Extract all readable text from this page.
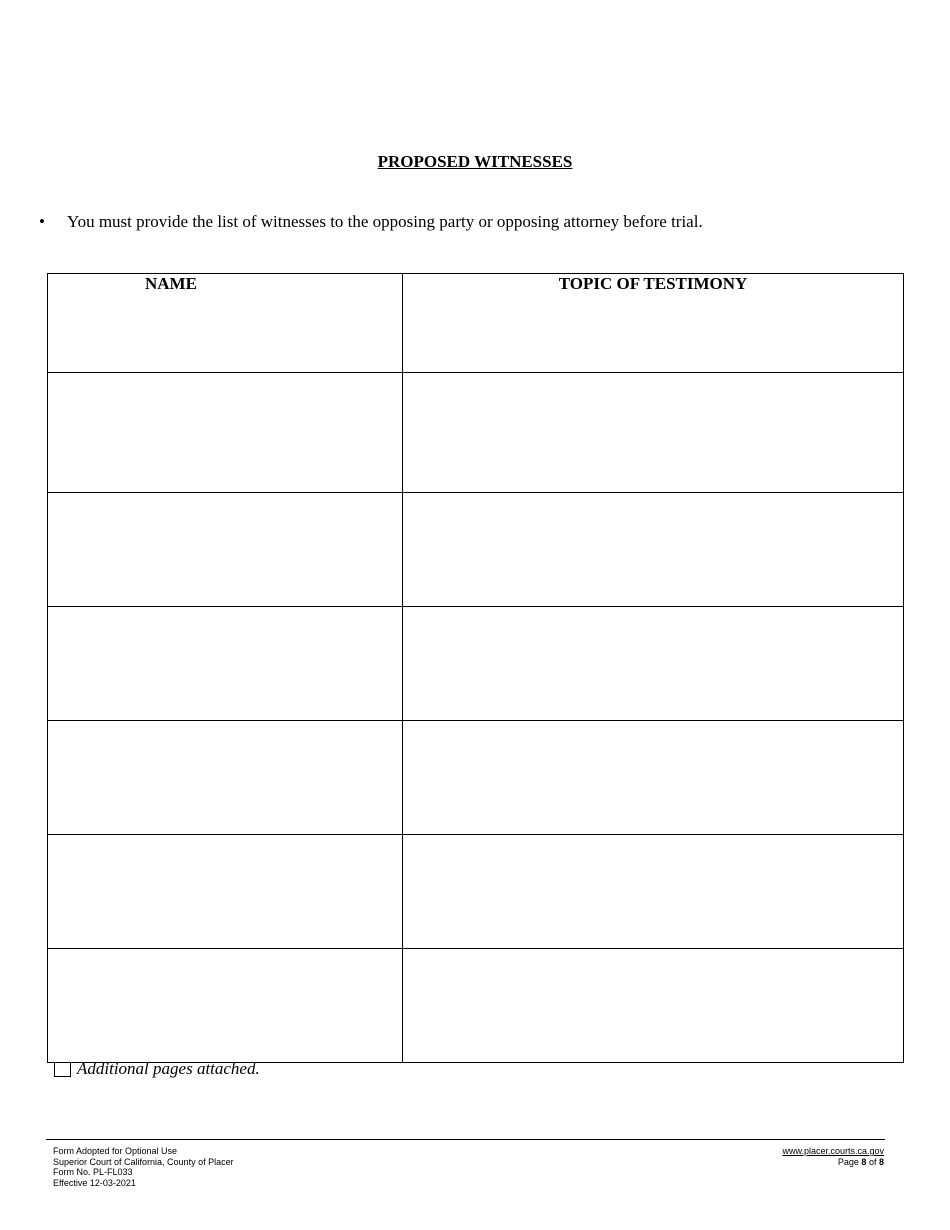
PROPOSED WITNESSES
• You must provide the list of witnesses to the opposing party or opposing attorney before trial.
NAME	TOPIC OF TESTIMONY

Additional pages attached.
Form Adopted for Optional Use
Superior Court of California, County of Placer
Form No. PL-FL033
Effective 12-03-2021
www.placer.courts.ca.gov
Page 8 of 8
